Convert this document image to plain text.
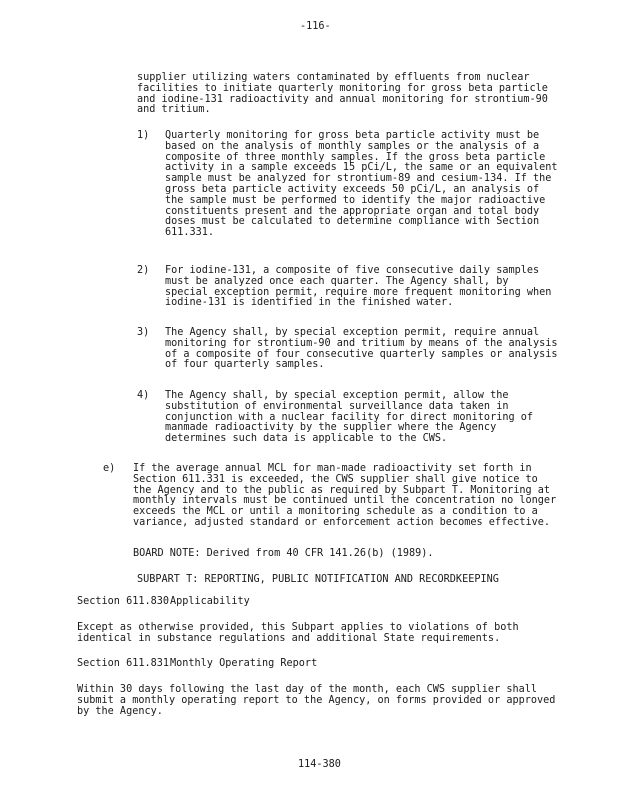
-116-

supplier utilizing waters contaminated by effluents from nuclear
facilities to initiate quarterly monitoring for gross beta particle
and iodine-131 radioactivity and annual monitoring for strontium-90
and tritium.

1) Quarterly monitoring for gross beta particle activity must be
based on the analysis of monthly samples or the analysis of a
composite of three monthly samples. If the gross beta particle
activity in a sample exceeds 15 pCi/L, the same or an equivalent
sample must be analyzed for strontium-89 and cesium-134. If the
gross beta particle activity exceeds 50 pCi/L, an analysis of
the sample must be performed to identify the major radioactive
constituents present and the appropriate organ and total body
doses must be calculated to determine compliance with Section
611.331.
2) For iodine-131, a composite of five consecutive daily samples
must be analyzed once each quarter. The Agency shall, by
special exception permit, require more frequent monitoring when
iodine-131 is identified in the finished water.
3) The Agency shall, by special exception permit, require annual
monitoring for strontium-90 and tritium by means of the analysis
of a composite of four consecutive quarterly samples or analysis
of four quarterly samples.
4) The Agency shall, by special exception permit, allow the
substitution of environmental surveillance data taken in
conjunction with a nuclear facility for direct monitoring of
manmade radioactivity by the supplier where the Agency
determines such data is applicable to the CWS.
e) If the average annual MCL for man-made radioactivity set forth in
Section 611.331 is exceeded, the CWS supplier shall give notice to
the Agency and to the public as required by Subpart T. Monitoring at
monthly intervals must be continued until the concentration no longer
exceeds the MCL or until a monitoring schedule as a condition to a
variance, adjusted standard or enforcement action becomes effective.

BOARD NOTE: Derived from 40 CFR 141.26(b) (1989).

SUBPART T: REPORTING, PUBLIC NOTIFICATION AND RECORDKEEPING

Section 611.830 Applicability

Except as otherwise provided, this Subpart applies to violations of both
identical in substance regulations and additional State requirements.

Section 611.831 Monthly Operating Report

Within 30 days following the last day of the month, each CWS supplier shall
submit a monthly operating report to the Agency, on forms provided or approved
by the Agency.

114-380
